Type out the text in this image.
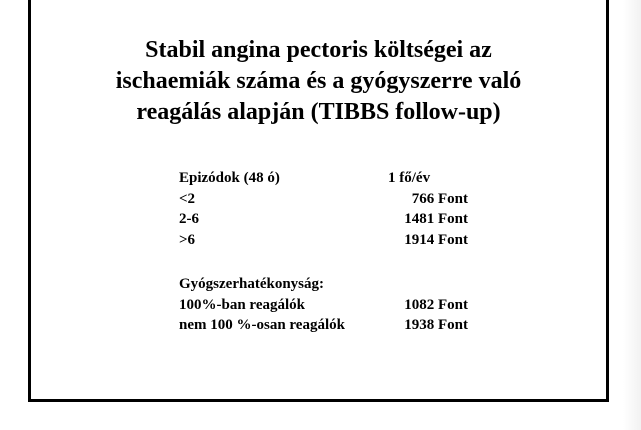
Stabil angina pectoris költségei az
ischaemiák száma és a gyógyszerre való
reagálás alapján (TIBBS follow-up)
Epizódok (48 ó)	1 fő/év
<2	766 Font
2-6	1481 Font
>6	1914 Font
Gyógszerhatékonyság:
100%-ban reagálók	1082 Font
nem 100 %-osan reagálók	1938 Font
